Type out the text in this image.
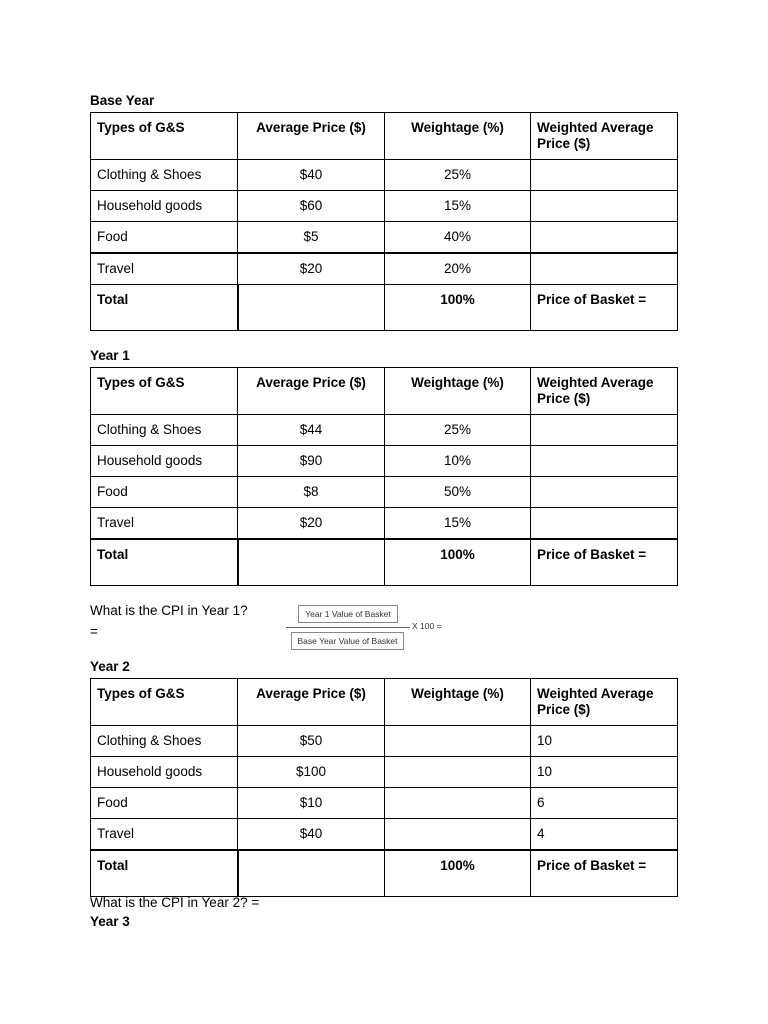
Base Year
Types of G&S	Average Price ($)	Weightage (%)	Weighted Average Price ($)
Clothing & Shoes	$40	25%	
Household goods	$60	15%	
Food	$5	40%	
Travel	$20	20%	
Total		100%	Price of Basket =
Year 1
Types of G&S	Average Price ($)	Weightage (%)	Weighted Average Price ($)
Clothing & Shoes	$44	25%	
Household goods	$90	10%	
Food	$8	50%	
Travel	$20	15%	
Total		100%	Price of Basket =
What is the CPI in Year 1?
=
Year 1 Value of Basket
X 100 =
Base Year Value of Basket
Year 2
Types of G&S	Average Price ($)	Weightage (%)	Weighted Average Price ($)
Clothing & Shoes	$50		10
Household goods	$100		10
Food	$10		6
Travel	$40		4
Total		100%	Price of Basket =
What is the CPI in Year 2? =
Year 3
